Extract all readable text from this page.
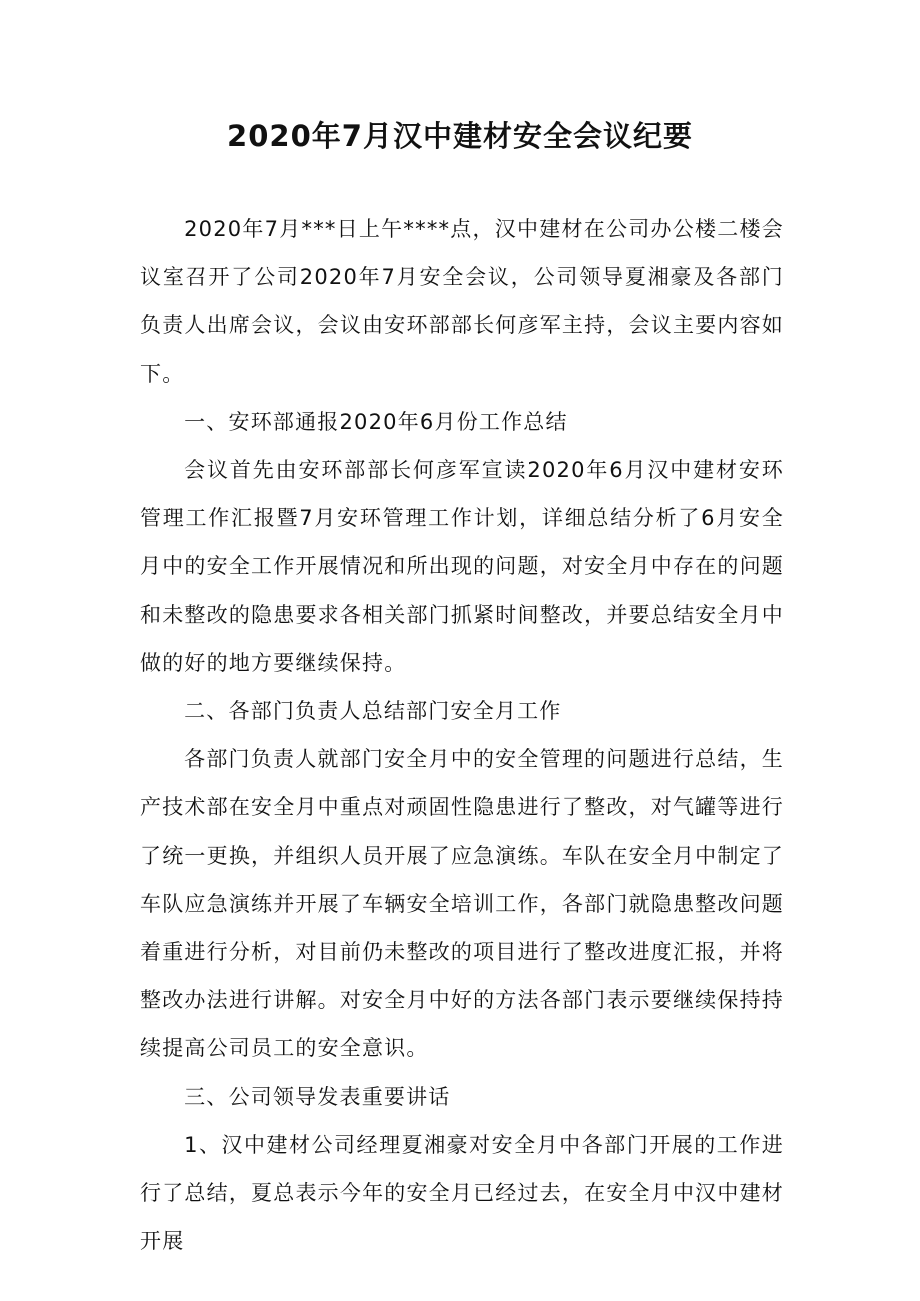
2020年7月汉中建材安全会议纪要

2020年7月***日上午****点，汉中建材在公司办公楼二楼会议室召开了公司2020年7月安全会议，公司领导夏湘豪及各部门负责人出席会议，会议由安环部部长何彦军主持，会议主要内容如下。

一、安环部通报2020年6月份工作总结

会议首先由安环部部长何彦军宣读2020年6月汉中建材安环管理工作汇报暨7月安环管理工作计划，详细总结分析了6月安全月中的安全工作开展情况和所出现的问题，对安全月中存在的问题和未整改的隐患要求各相关部门抓紧时间整改，并要总结安全月中做的好的地方要继续保持。

二、各部门负责人总结部门安全月工作

各部门负责人就部门安全月中的安全管理的问题进行总结，生产技术部在安全月中重点对顽固性隐患进行了整改，对气罐等进行了统一更换，并组织人员开展了应急演练。车队在安全月中制定了车队应急演练并开展了车辆安全培训工作，各部门就隐患整改问题着重进行分析，对目前仍未整改的项目进行了整改进度汇报，并将整改办法进行讲解。对安全月中好的方法各部门表示要继续保持持续提高公司员工的安全意识。

三、公司领导发表重要讲话

1、汉中建材公司经理夏湘豪对安全月中各部门开展的工作进行了总结，夏总表示今年的安全月已经过去，在安全月中汉中建材开展
